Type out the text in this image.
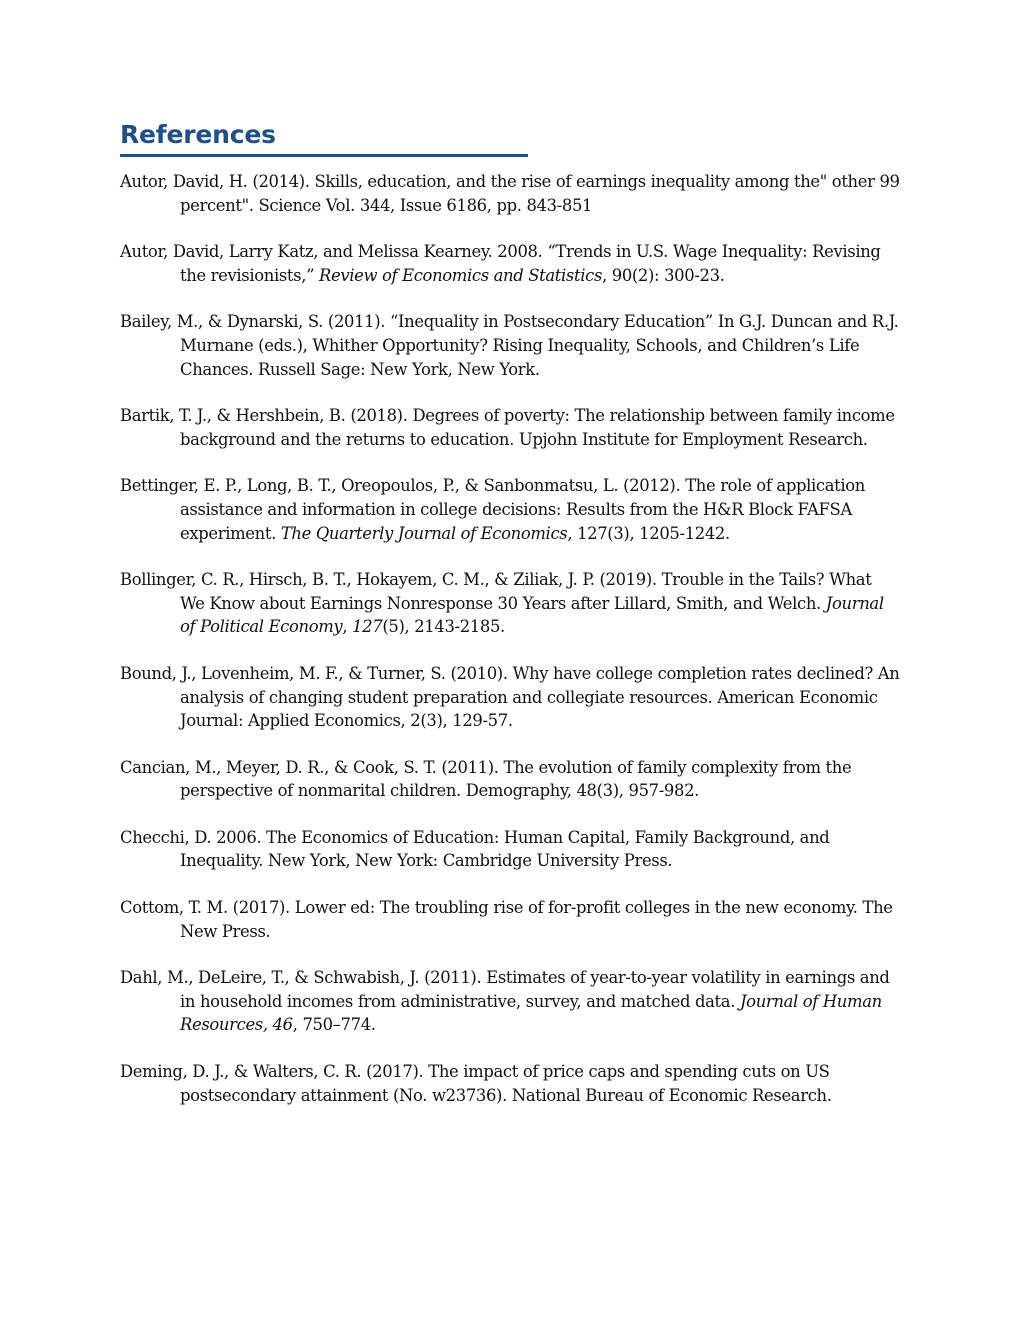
References
Autor, David, H. (2014). Skills, education, and the rise of earnings inequality among the" other 99 percent". Science Vol. 344, Issue 6186, pp. 843-851
Autor, David, Larry Katz, and Melissa Kearney. 2008. “Trends in U.S. Wage Inequality: Revising the revisionists,” Review of Economics and Statistics, 90(2): 300-23.
Bailey, M., & Dynarski, S. (2011). “Inequality in Postsecondary Education” In G.J. Duncan and R.J. Murnane (eds.), Whither Opportunity? Rising Inequality, Schools, and Children’s Life Chances. Russell Sage: New York, New York.
Bartik, T. J., & Hershbein, B. (2018). Degrees of poverty: The relationship between family income background and the returns to education. Upjohn Institute for Employment Research.
Bettinger, E. P., Long, B. T., Oreopoulos, P., & Sanbonmatsu, L. (2012). The role of application assistance and information in college decisions: Results from the H&R Block FAFSA experiment. The Quarterly Journal of Economics, 127(3), 1205-1242.
Bollinger, C. R., Hirsch, B. T., Hokayem, C. M., & Ziliak, J. P. (2019). Trouble in the Tails? What We Know about Earnings Nonresponse 30 Years after Lillard, Smith, and Welch. Journal of Political Economy, 127(5), 2143-2185.
Bound, J., Lovenheim, M. F., & Turner, S. (2010). Why have college completion rates declined? An analysis of changing student preparation and collegiate resources. American Economic Journal: Applied Economics, 2(3), 129-57.
Cancian, M., Meyer, D. R., & Cook, S. T. (2011). The evolution of family complexity from the perspective of nonmarital children. Demography, 48(3), 957-982.
Checchi, D. 2006. The Economics of Education: Human Capital, Family Background, and Inequality. New York, New York: Cambridge University Press.
Cottom, T. M. (2017). Lower ed: The troubling rise of for-profit colleges in the new economy. The New Press.
Dahl, M., DeLeire, T., & Schwabish, J. (2011). Estimates of year-to-year volatility in earnings and in household incomes from administrative, survey, and matched data. Journal of Human Resources, 46, 750–774.
Deming, D. J., & Walters, C. R. (2017). The impact of price caps and spending cuts on US postsecondary attainment (No. w23736). National Bureau of Economic Research.
